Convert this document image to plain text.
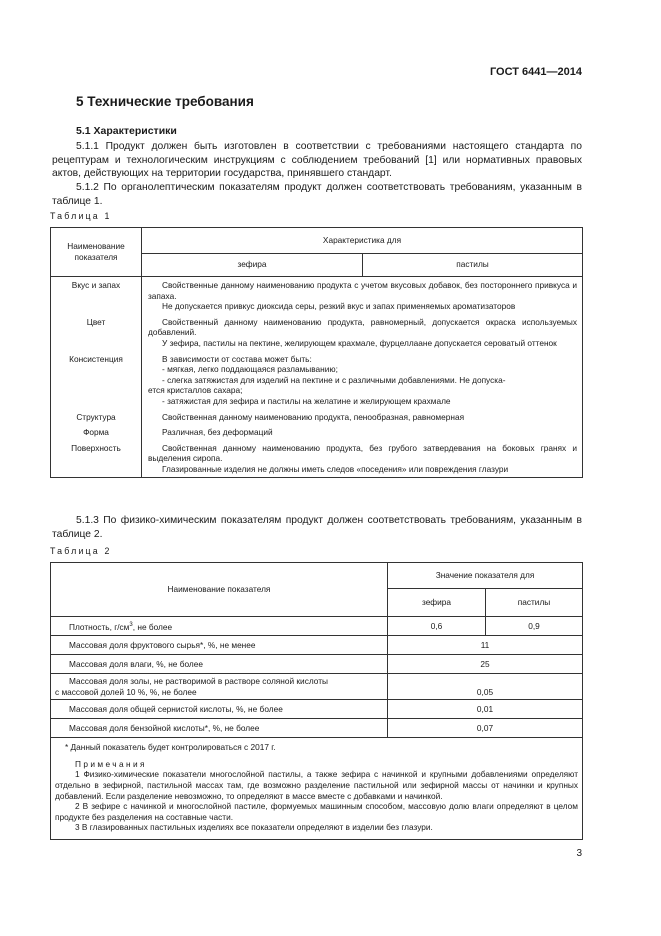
ГОСТ 6441—2014
5 Технические требования
5.1 Характеристики
5.1.1 Продукт должен быть изготовлен в соответствии с требованиями настоящего стандарта по рецептурам и технологическим инструкциям с соблюдением требований [1] или нормативных правовых актов, действующих на территории государства, принявшего стандарт.
5.1.2 По органолептическим показателям продукт должен соответствовать требованиям, указанным в таблице 1.
Таблица 1
Наименование показателя	Характеристика для	
	зефира	пастилы
Вкус и запах	Свойственные данному наименованию продукта с учетом вкусовых добавок, без постороннего привкуса и запаха.

Не допускается привкус диоксида серы, резкий вкус и запах применяемых ароматизаторов	

Цвет	Свойственный данному наименованию продукта, равномерный, допускается окраска используемых добавлений.

У зефира, пастилы на пектине, желирующем крахмале, фурцеллаане допускается сероватый оттенок	

Консистенция	В зависимости от состава может быть:

- мягкая, легко поддающаяся разламыванию;

- слегка затяжистая для изделий на пектине и с различными добавлениями. Не допуска-

ется кристаллов сахара;

- затяжистая для зефира и пастилы на желатине и желирующем крахмале	

Структура	Свойственная данному наименованию продукта, пенообразная, равномерная	

Форма	Различная, без деформаций	

Поверхность	Свойственная данному наименованию продукта, без грубого затвердевания на боковых гранях и выделения сиропа.

Глазированные изделия не должны иметь следов «поседения» или повреждения глазури	

5.1.3 По физико-химическим показателям продукт должен соответствовать требованиям, указанным в таблице 2.
Таблица 2
Наименование показателя	Значение показателя для	
	зефира	пастилы
Плотность, $г/см^3$, не более	0,6	0,9
Массовая доля фруктового сырья*, %, не менее	11	
Массовая доля влаги, %, не более	25	

Массовая доля золы, не растворимой в растворе соляной кислоты
с массовой долей 10 %, %, не более	0,05	
Массовая доля общей сернистой кислоты, %, не более	0,01	
Массовая доля бензойной кислоты*, %, не более	0,07	

* Данный показатель будет контролироваться с 2017 г.

Примечания

1 Физико-химические показатели многослойной пастилы, а также зефира с начинкой и крупными добавлениями определяют отдельно в зефирной, пастильной массах там, где возможно разделение пастильной или зефирной массы от начинки и крупных добавлений. Если разделение невозможно, то определяют в массе вместе с добавками и начинкой.

2 В зефире с начинкой и многослойной пастиле, формуемых машинным способом, массовую долю влаги определяют в целом продукте без разделения на составные части.

3 В глазированных пастильных изделиях все показатели определяют в изделии без глазури.		

3
